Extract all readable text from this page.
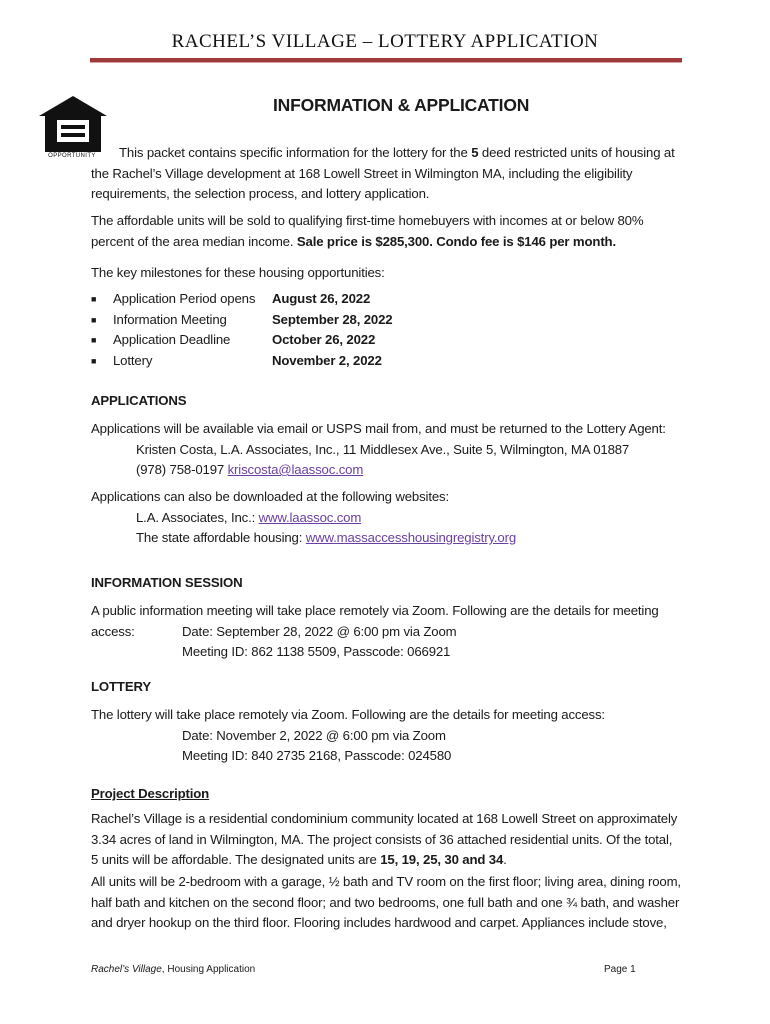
RACHEL’S VILLAGE – LOTTERY APPLICATION
EQUAL HOUSING
OPPORTUNITY
INFORMATION & APPLICATION

This packet contains specific information for the lottery for the 5 deed restricted units of housing at the Rachel’s Village development at 168 Lowell Street in Wilmington MA, including the eligibility requirements, the selection process, and lottery application.

The affordable units will be sold to qualifying first-time homebuyers with incomes at or below 80% percent of the area median income. Sale price is $285,300. Condo fee is $146 per month.

The key milestones for these housing opportunities:
■	Application Period opens	August 26, 2022
■	Information Meeting	September 28, 2022
■	Application Deadline	October 26, 2022
■	Lottery	November 2, 2022
APPLICATIONS

Applications will be available via email or USPS mail from, and must be returned to the Lottery Agent:

Kristen Costa, L.A. Associates, Inc., 11 Middlesex Ave., Suite 5, Wilmington, MA 01887

(978) 758-0197 kriscosta@laassoc.com

Applications can also be downloaded at the following websites:

L.A. Associates, Inc.: www.laassoc.com

The state affordable housing: www.massaccesshousingregistry.org

INFORMATION SESSION

A public information meeting will take place remotely via Zoom. Following are the details for meeting

access:	Date: September 28, 2022 @ 6:00 pm via Zoom

Meeting ID: 862 1138 5509, Passcode: 066921

LOTTERY

The lottery will take place remotely via Zoom. Following are the details for meeting access:

Date: November 2, 2022 @ 6:00 pm via Zoom

Meeting ID: 840 2735 2168, Passcode: 024580

Project Description

Rachel’s Village is a residential condominium community located at 168 Lowell Street on approximately 3.34 acres of land in Wilmington, MA. The project consists of 36 attached residential units. Of the total, 5 units will be affordable. The designated units are 15, 19, 25, 30 and 34.

All units will be 2-bedroom with a garage, ½ bath and TV room on the first floor; living area, dining room, half bath and kitchen on the second floor; and two bedrooms, one full bath and one ¾ bath, and washer and dryer hookup on the third floor. Flooring includes hardwood and carpet. Appliances include stove,
Rachel’s Village, Housing Application	Page 1
